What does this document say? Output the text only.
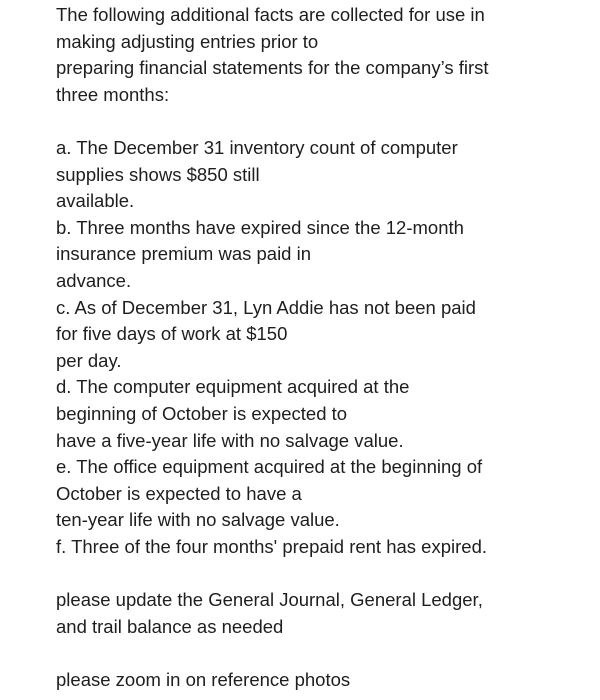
The following additional facts are collected for use in
making adjusting entries prior to
preparing financial statements for the company’s first
three months:
a. The December 31 inventory count of computer
supplies shows $850 still
available.
b. Three months have expired since the 12-month
insurance premium was paid in
advance.
c. As of December 31, Lyn Addie has not been paid
for five days of work at $150
per day.
d. The computer equipment acquired at the
beginning of October is expected to
have a five-year life with no salvage value.
e. The office equipment acquired at the beginning of
October is expected to have a
ten-year life with no salvage value.
f. Three of the four months' prepaid rent has expired.
please update the General Journal, General Ledger,
and trail balance as needed
please zoom in on reference photos
